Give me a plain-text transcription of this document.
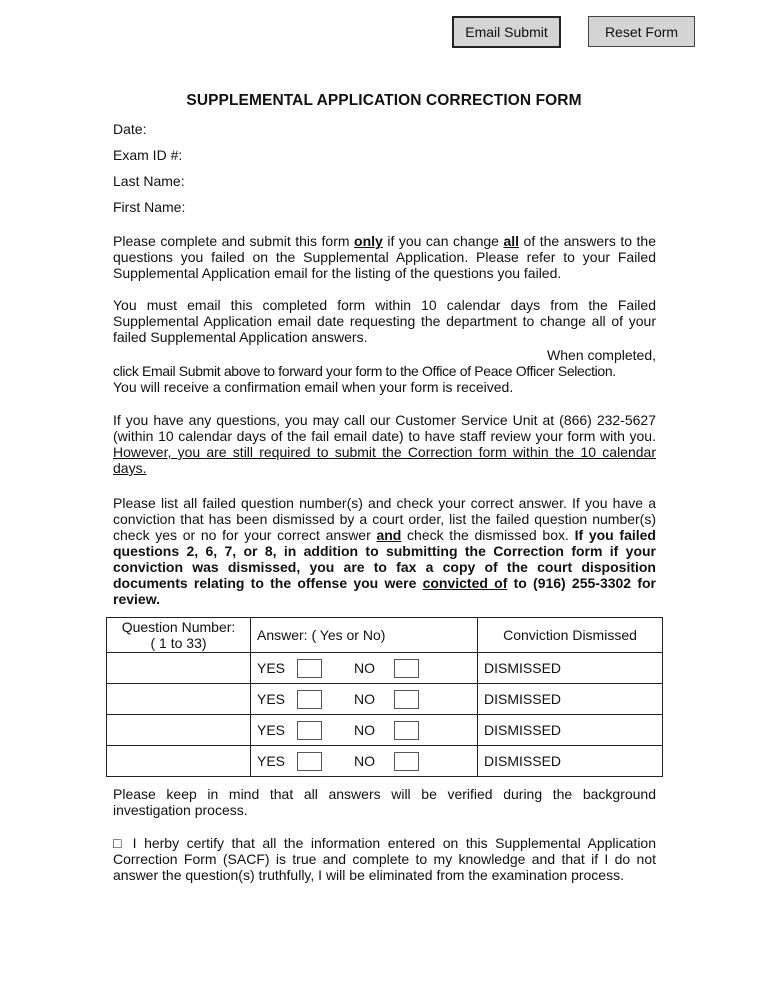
Email Submit	Reset Form
SUPPLEMENTAL APPLICATION CORRECTION FORM
Date:
Exam ID #:
Last Name:
First Name:
Please complete and submit this form only if you can change all of the answers to the questions you failed on the Supplemental Application. Please refer to your Failed Supplemental Application email for the listing of the questions you failed.
You must email this completed form within 10 calendar days from the Failed Supplemental Application email date requesting the department to change all of your failed Supplemental Application answers.
When completed,
click Email Submit above to forward your form to the Office of Peace Officer Selection.
You will receive a confirmation email when your form is received.
If you have any questions, you may call our Customer Service Unit at (866) 232-5627 (within 10 calendar days of the fail email date) to have staff review your form with you. However, you are still required to submit the Correction form within the 10 calendar days.
Please list all failed question number(s) and check your correct answer. If you have a conviction that has been dismissed by a court order, list the failed question number(s) check yes or no for your correct answer and check the dismissed box. If you failed questions 2, 6, 7, or 8, in addition to submitting the Correction form if your conviction was dismissed, you are to fax a copy of the court disposition documents relating to the offense you were convicted of to (916) 255-3302 for review.
Question Number:
( 1 to 33)	Answer: ( Yes or No)	Conviction Dismissed

	YES NO	DISMISSED

	YES NO	DISMISSED

	YES NO	DISMISSED

	YES NO	DISMISSED
Please keep in mind that all answers will be verified during the background investigation process.
□ I herby certify that all the information entered on this Supplemental Application Correction Form (SACF) is true and complete to my knowledge and that if I do not answer the question(s) truthfully, I will be eliminated from the examination process.
